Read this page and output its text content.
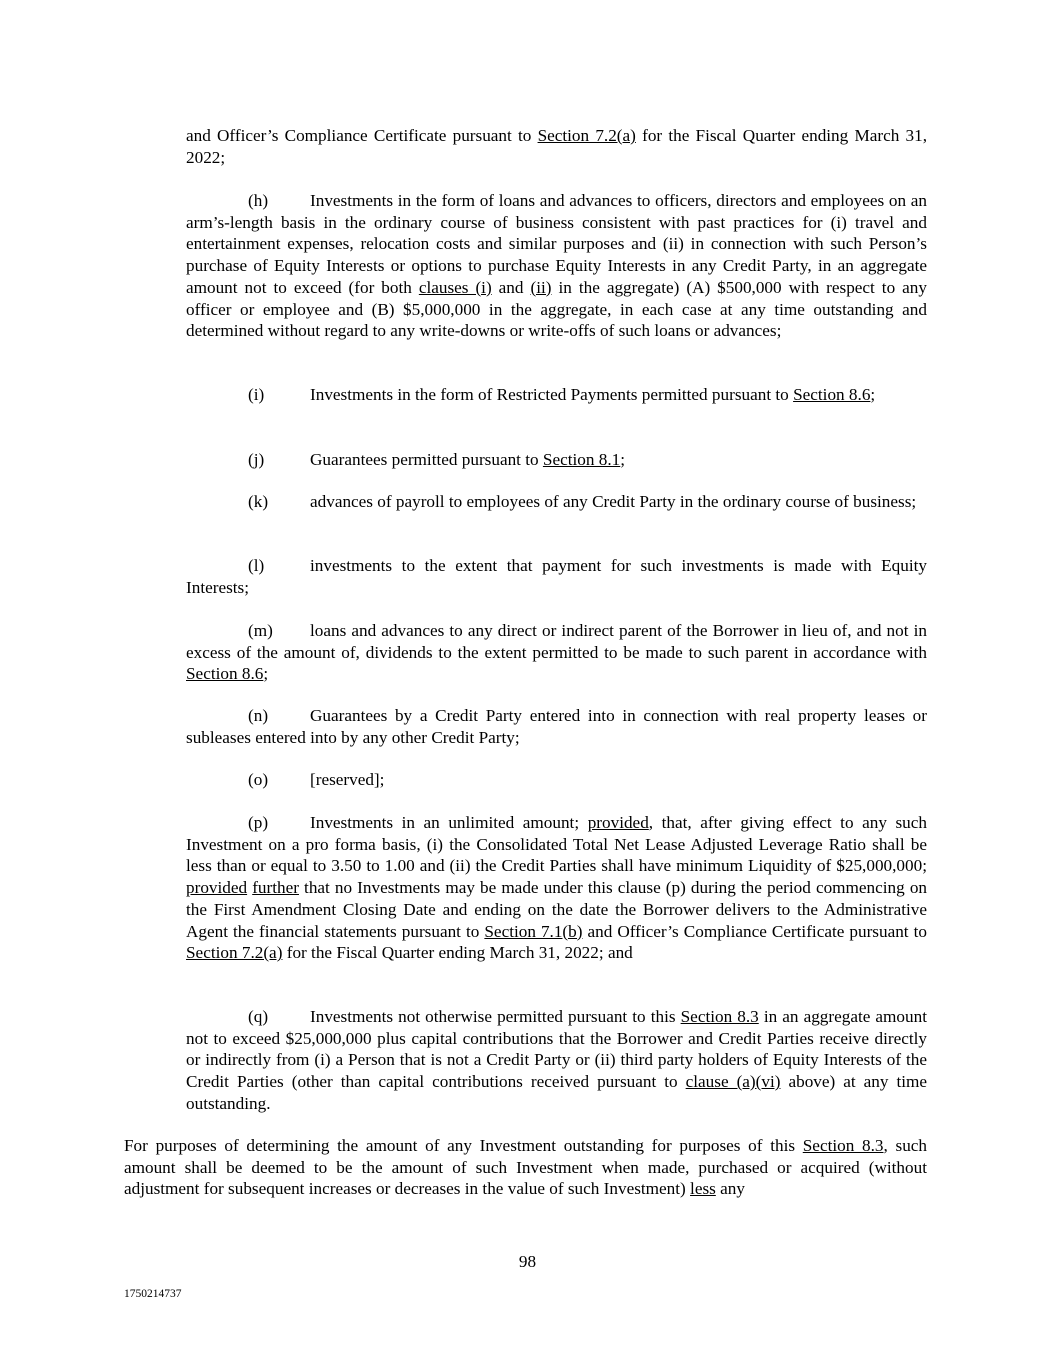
and Officer’s Compliance Certificate pursuant to Section 7.2(a) for the Fiscal Quarter ending March 31, 2022;

(h) Investments in the form of loans and advances to officers, directors and employees on an arm’s-length basis in the ordinary course of business consistent with past practices for (i) travel and entertainment expenses, relocation costs and similar purposes and (ii) in connection with such Person’s purchase of Equity Interests or options to purchase Equity Interests in any Credit Party, in an aggregate amount not to exceed (for both clauses (i) and (ii) in the aggregate) (A) $500,000 with respect to any officer or employee and (B) $5,000,000 in the aggregate, in each case at any time outstanding and determined without regard to any write-downs or write-offs of such loans or advances;

(i)	Investments in the form of Restricted Payments permitted pursuant to Section 8.6;

(j)	Guarantees permitted pursuant to Section 8.1;

(k) advances of payroll to employees of any Credit Party in the ordinary course of business;

(l)	investments to the extent that payment for such investments is made with Equity Interests;

(m) loans and advances to any direct or indirect parent of the Borrower in lieu of, and not in excess of the amount of, dividends to the extent permitted to be made to such parent in accordance with Section 8.6;

(n) Guarantees by a Credit Party entered into in connection with real property leases or subleases entered into by any other Credit Party;

(o) [reserved];

(p) Investments in an unlimited amount; provided, that, after giving effect to any such Investment on a pro forma basis, (i) the Consolidated Total Net Lease Adjusted Leverage Ratio shall be less than or equal to 3.50 to 1.00 and (ii) the Credit Parties shall have minimum Liquidity of $25,000,000; provided further that no Investments may be made under this clause (p) during the period commencing on the First Amendment Closing Date and ending on the date the Borrower delivers to the Administrative Agent the financial statements pursuant to Section 7.1(b) and Officer’s Compliance Certificate pursuant to Section 7.2(a) for the Fiscal Quarter ending March 31, 2022; and

(q) Investments not otherwise permitted pursuant to this Section 8.3 in an aggregate amount not to exceed $25,000,000 plus capital contributions that the Borrower and Credit Parties receive directly or indirectly from (i) a Person that is not a Credit Party or (ii) third party holders of Equity Interests of the Credit Parties (other than capital contributions received pursuant to clause (a)(vi) above) at any time outstanding.

For purposes of determining the amount of any Investment outstanding for purposes of this Section 8.3, such amount shall be deemed to be the amount of such Investment when made, purchased or acquired (without adjustment for subsequent increases or decreases in the value of such Investment) less any

98
1750214737
